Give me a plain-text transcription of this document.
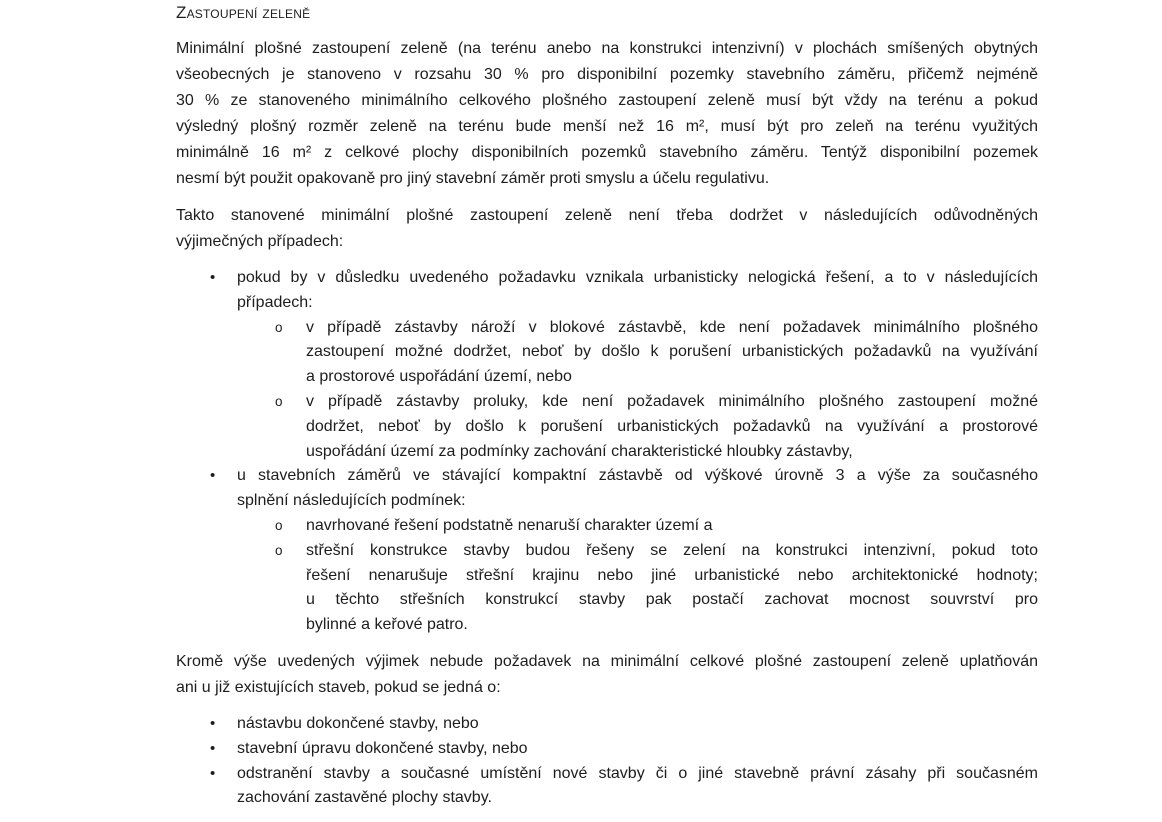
Zastoupení zeleně
Minimální plošné zastoupení zeleně (na terénu anebo na konstrukci intenzivní) v plochách smíšených obytných
všeobecných je stanoveno v rozsahu 30 % pro disponibilní pozemky stavebního záměru, přičemž nejméně
30 % ze stanoveného minimálního celkového plošného zastoupení zeleně musí být vždy na terénu a pokud
výsledný plošný rozměr zeleně na terénu bude menší než 16 m², musí být pro zeleň na terénu využitých
minimálně 16 m² z celkové plochy disponibilních pozemků stavebního záměru. Tentýž disponibilní pozemek
nesmí být použit opakovaně pro jiný stavební záměr proti smyslu a účelu regulativu.
Takto stanovené minimální plošné zastoupení zeleně není třeba dodržet v následujících odůvodněných
výjimečných případech:
• pokud by v důsledku uvedeného požadavku vznikala urbanisticky nelogická řešení, a to v následujících
případech:
o v případě zástavby nároží v blokové zástavbě, kde není požadavek minimálního plošného
zastoupení možné dodržet, neboť by došlo k porušení urbanistických požadavků na využívání
a prostorové uspořádání území, nebo
o v případě zástavby proluky, kde není požadavek minimálního plošného zastoupení možné
dodržet, neboť by došlo k porušení urbanistických požadavků na využívání a prostorové
uspořádání území za podmínky zachování charakteristické hloubky zástavby,
• u stavebních záměrů ve stávající kompaktní zástavbě od výškové úrovně 3 a výše za současného
splnění následujících podmínek:
o navrhované řešení podstatně nenaruší charakter území a
o střešní konstrukce stavby budou řešeny se zelení na konstrukci intenzivní, pokud toto
řešení nenarušuje střešní krajinu nebo jiné urbanistické nebo architektonické hodnoty;
u těchto střešních konstrukcí stavby pak postačí zachovat mocnost souvrství pro
bylinné a keřové patro.
Kromě výše uvedených výjimek nebude požadavek na minimální celkové plošné zastoupení zeleně uplatňován
ani u již existujících staveb, pokud se jedná o:
• nástavbu dokončené stavby, nebo
• stavební úpravu dokončené stavby, nebo
• odstranění stavby a současné umístění nové stavby či o jiné stavebně právní zásahy při současném
zachování zastavěné plochy stavby.
